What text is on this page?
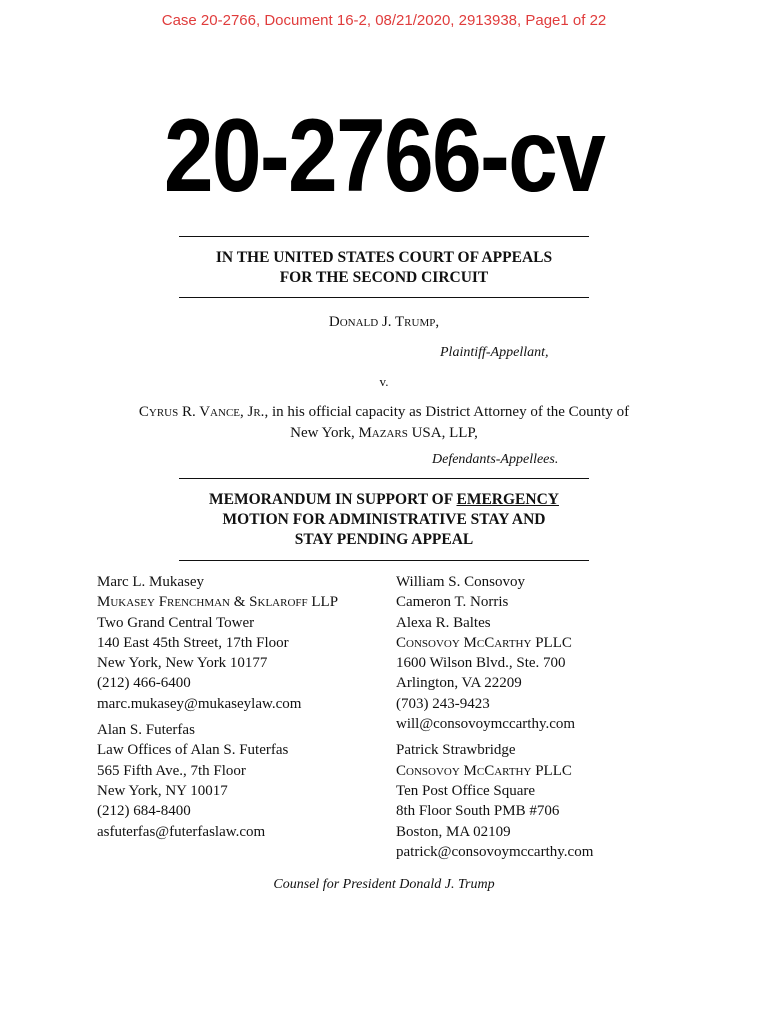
Case 20-2766, Document 16-2, 08/21/2020, 2913938, Page1 of 22
20-2766-cv
IN THE UNITED STATES COURT OF APPEALS
FOR THE SECOND CIRCUIT
Donald J. Trump,
Plaintiff-Appellant,
v.
Cyrus R. Vance, Jr., in his official capacity as District Attorney of the County of
New York, Mazars USA, LLP,
Defendants-Appellees.
MEMORANDUM IN SUPPORT OF EMERGENCY
MOTION FOR ADMINISTRATIVE STAY AND
STAY PENDING APPEAL
Marc L. Mukasey
Mukasey Frenchman & Sklaroff LLP
Two Grand Central Tower
140 East 45th Street, 17th Floor
New York, New York 10177
(212) 466-6400
marc.mukasey@mukaseylaw.com
Alan S. Futerfas
Law Offices of Alan S. Futerfas
565 Fifth Ave., 7th Floor
New York, NY 10017
(212) 684-8400
asfuterfas@futerfaslaw.com
William S. Consovoy
Cameron T. Norris
Alexa R. Baltes
Consovoy McCarthy PLLC
1600 Wilson Blvd., Ste. 700
Arlington, VA 22209
(703) 243-9423
will@consovoymccarthy.com
Patrick Strawbridge
Consovoy McCarthy PLLC
Ten Post Office Square
8th Floor South PMB #706
Boston, MA 02109
patrick@consovoymccarthy.com
Counsel for President Donald J. Trump
